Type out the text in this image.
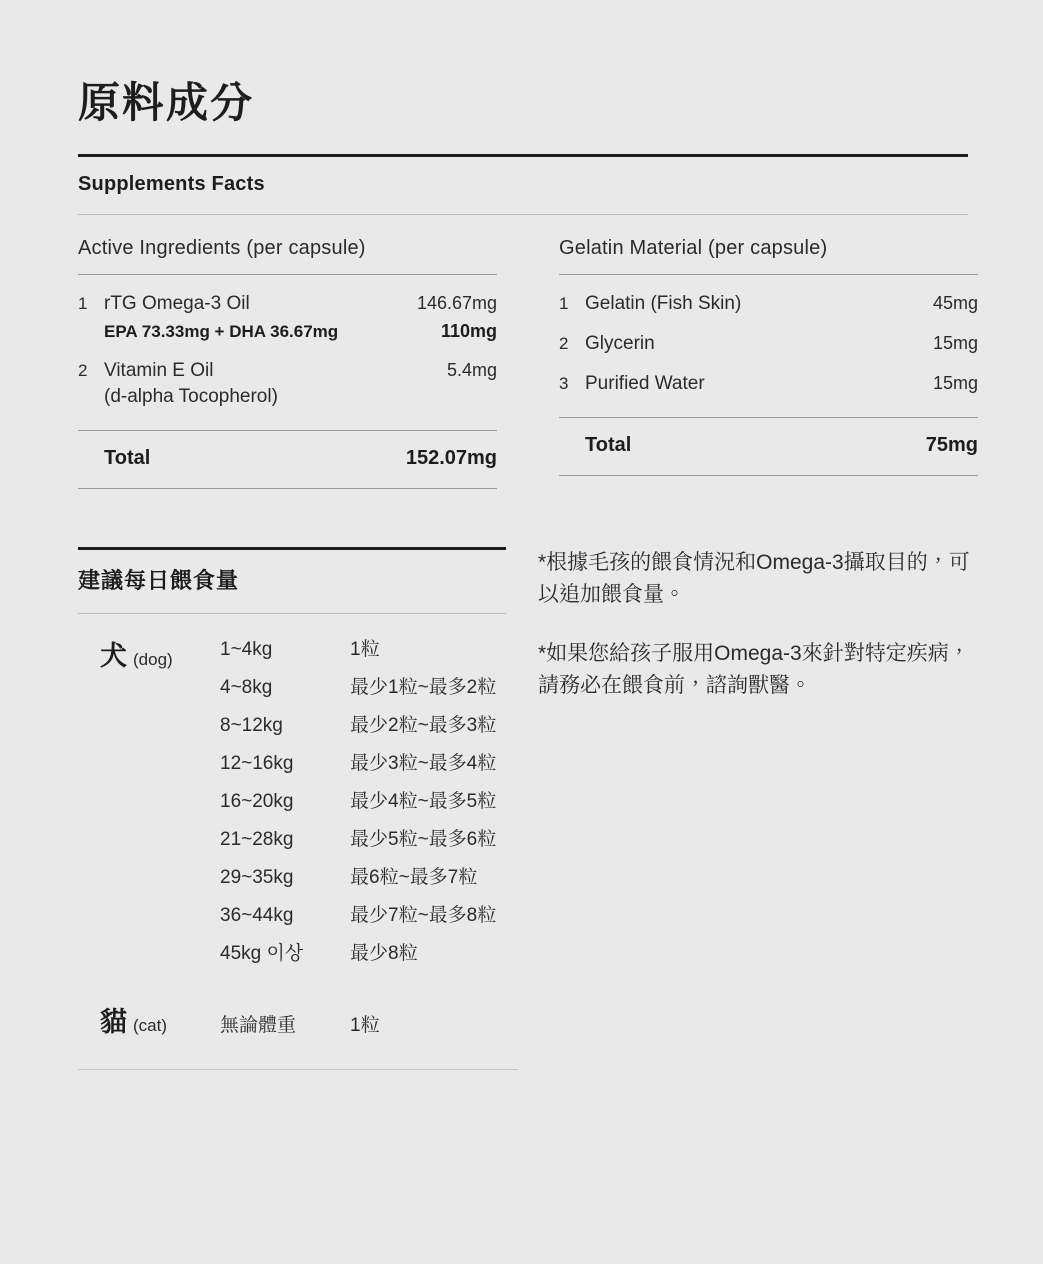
原料成分
Supplements Facts
Active Ingredients (per capsule)
1 rTG Omega-3 Oil	146.67mg
EPA 73.33mg + DHA 36.67mg	110mg
2 Vitamin E Oil	5.4mg
(d-alpha Tocopherol)
Total	152.07mg
Gelatin Material (per capsule)
1 Gelatin (Fish Skin)	45mg
2 Glycerin	15mg
3 Purified Water	15mg
Total	75mg
建議每日餵食量
犬 (dog) 1~4kg	1粒
4~8kg	最少1粒~最多2粒
8~12kg	最少2粒~最多3粒
12~16kg	最少3粒~最多4粒
16~20kg	最少4粒~最多5粒
21~28kg	最少5粒~最多6粒
29~35kg	最6粒~最多7粒
36~44kg	最少7粒~最多8粒
45kg 이상	最少8粒
貓 (cat)	無論體重	1粒
*根據毛孩的餵食情況和Omega-3攝取目的，可以追加餵食量。
*如果您給孩子服用Omega-3來針對特定疾病，請務必在餵食前，諮詢獸醫。
